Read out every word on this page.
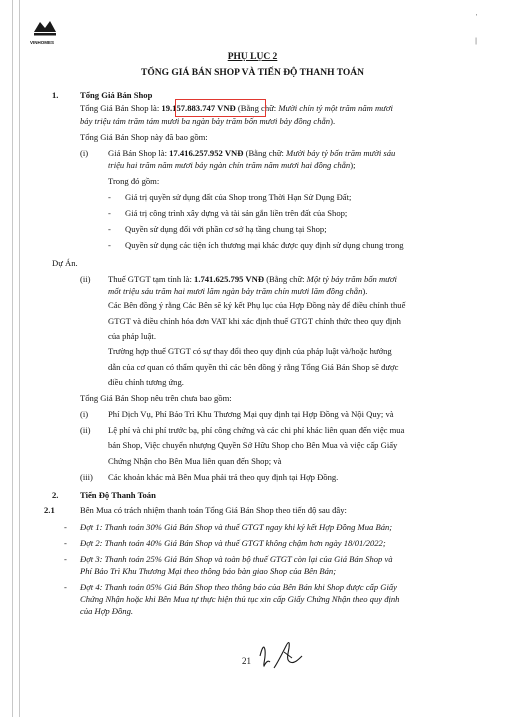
'
|
VINHOMES
PHỤ LỤC 2
TỔNG GIÁ BÁN SHOP VÀ TIẾN ĐỘ THANH TOÁN
1.	Tổng Giá Bán Shop
Tổng Giá Bán Shop là: 19.157.883.747 VNĐ (Bằng chữ: Mười chín tỷ một trăm năm mươi
bảy triệu tám trăm tám mươi ba ngàn bảy trăm bốn mươi bảy đồng chẵn).
Tổng Giá Bán Shop này đã bao gồm:
(i) Giá Bán Shop là: 17.416.257.952 VNĐ (Bằng chữ: Mười bảy tỷ bốn trăm mười sáu
triệu hai trăm năm mươi bảy ngàn chín trăm năm mươi hai đồng chẵn);
Trong đó gồm:
- Giá trị quyền sử dụng đất của Shop trong Thời Hạn Sử Dụng Đất;
- Giá trị công trình xây dựng và tài sản gắn liền trên đất của Shop;
- Quyền sử dụng đối với phần cơ sở hạ tầng chung tại Shop;
- Quyền sử dụng các tiện ích thương mại khác được quy định sử dụng chung trong
Dự Án.
(ii) Thuế GTGT tạm tính là: 1.741.625.795 VNĐ (Bằng chữ: Một tỷ bảy trăm bốn mươi
mốt triệu sáu trăm hai mươi lăm ngàn bảy trăm chín mươi lăm đồng chẵn).
Các Bên đồng ý rằng Các Bên sẽ ký kết Phụ lục của Hợp Đồng này để điều chỉnh thuế
GTGT và điều chỉnh hóa đơn VAT khi xác định thuế GTGT chính thức theo quy định
của pháp luật.
Trường hợp thuế GTGT có sự thay đổi theo quy định của pháp luật và/hoặc hướng
dẫn của cơ quan có thẩm quyền thì các bên đồng ý rằng Tổng Giá Bán Shop sẽ được
điều chỉnh tương ứng.
Tổng Giá Bán Shop nêu trên chưa bao gồm:
(i) Phí Dịch Vụ, Phí Bảo Trì Khu Thương Mại quy định tại Hợp Đồng và Nội Quy; và
(ii) Lệ phí và chi phí trước bạ, phí công chứng và các chi phí khác liên quan đến việc mua
bán Shop, Việc chuyển nhượng Quyền Sở Hữu Shop cho Bên Mua và việc cấp Giấy
Chứng Nhận cho Bên Mua liên quan đến Shop; và
(iii) Các khoản khác mà Bên Mua phải trả theo quy định tại Hợp Đồng.
2.	Tiến Độ Thanh Toán
2.1	Bên Mua có trách nhiệm thanh toán Tổng Giá Bán Shop theo tiến độ sau đây:
- Đợt 1: Thanh toán 30% Giá Bán Shop và thuế GTGT ngay khi ký kết Hợp Đồng Mua Bán;
- Đợt 2: Thanh toán 40% Giá Bán Shop và thuế GTGT không chậm hơn ngày 18/01/2022;
- Đợt 3: Thanh toán 25% Giá Bán Shop và toàn bộ thuế GTGT còn lại của Giá Bán Shop và
Phí Bảo Trì Khu Thương Mại theo thông báo bàn giao Shop của Bên Bán;
- Đợt 4: Thanh toán 05% Giá Bán Shop theo thông báo của Bên Bán khi Shop được cấp Giấy
Chứng Nhận hoặc khi Bên Mua tự thực hiện thủ tục xin cấp Giấy Chứng Nhận theo quy định
của Hợp Đồng.
21
